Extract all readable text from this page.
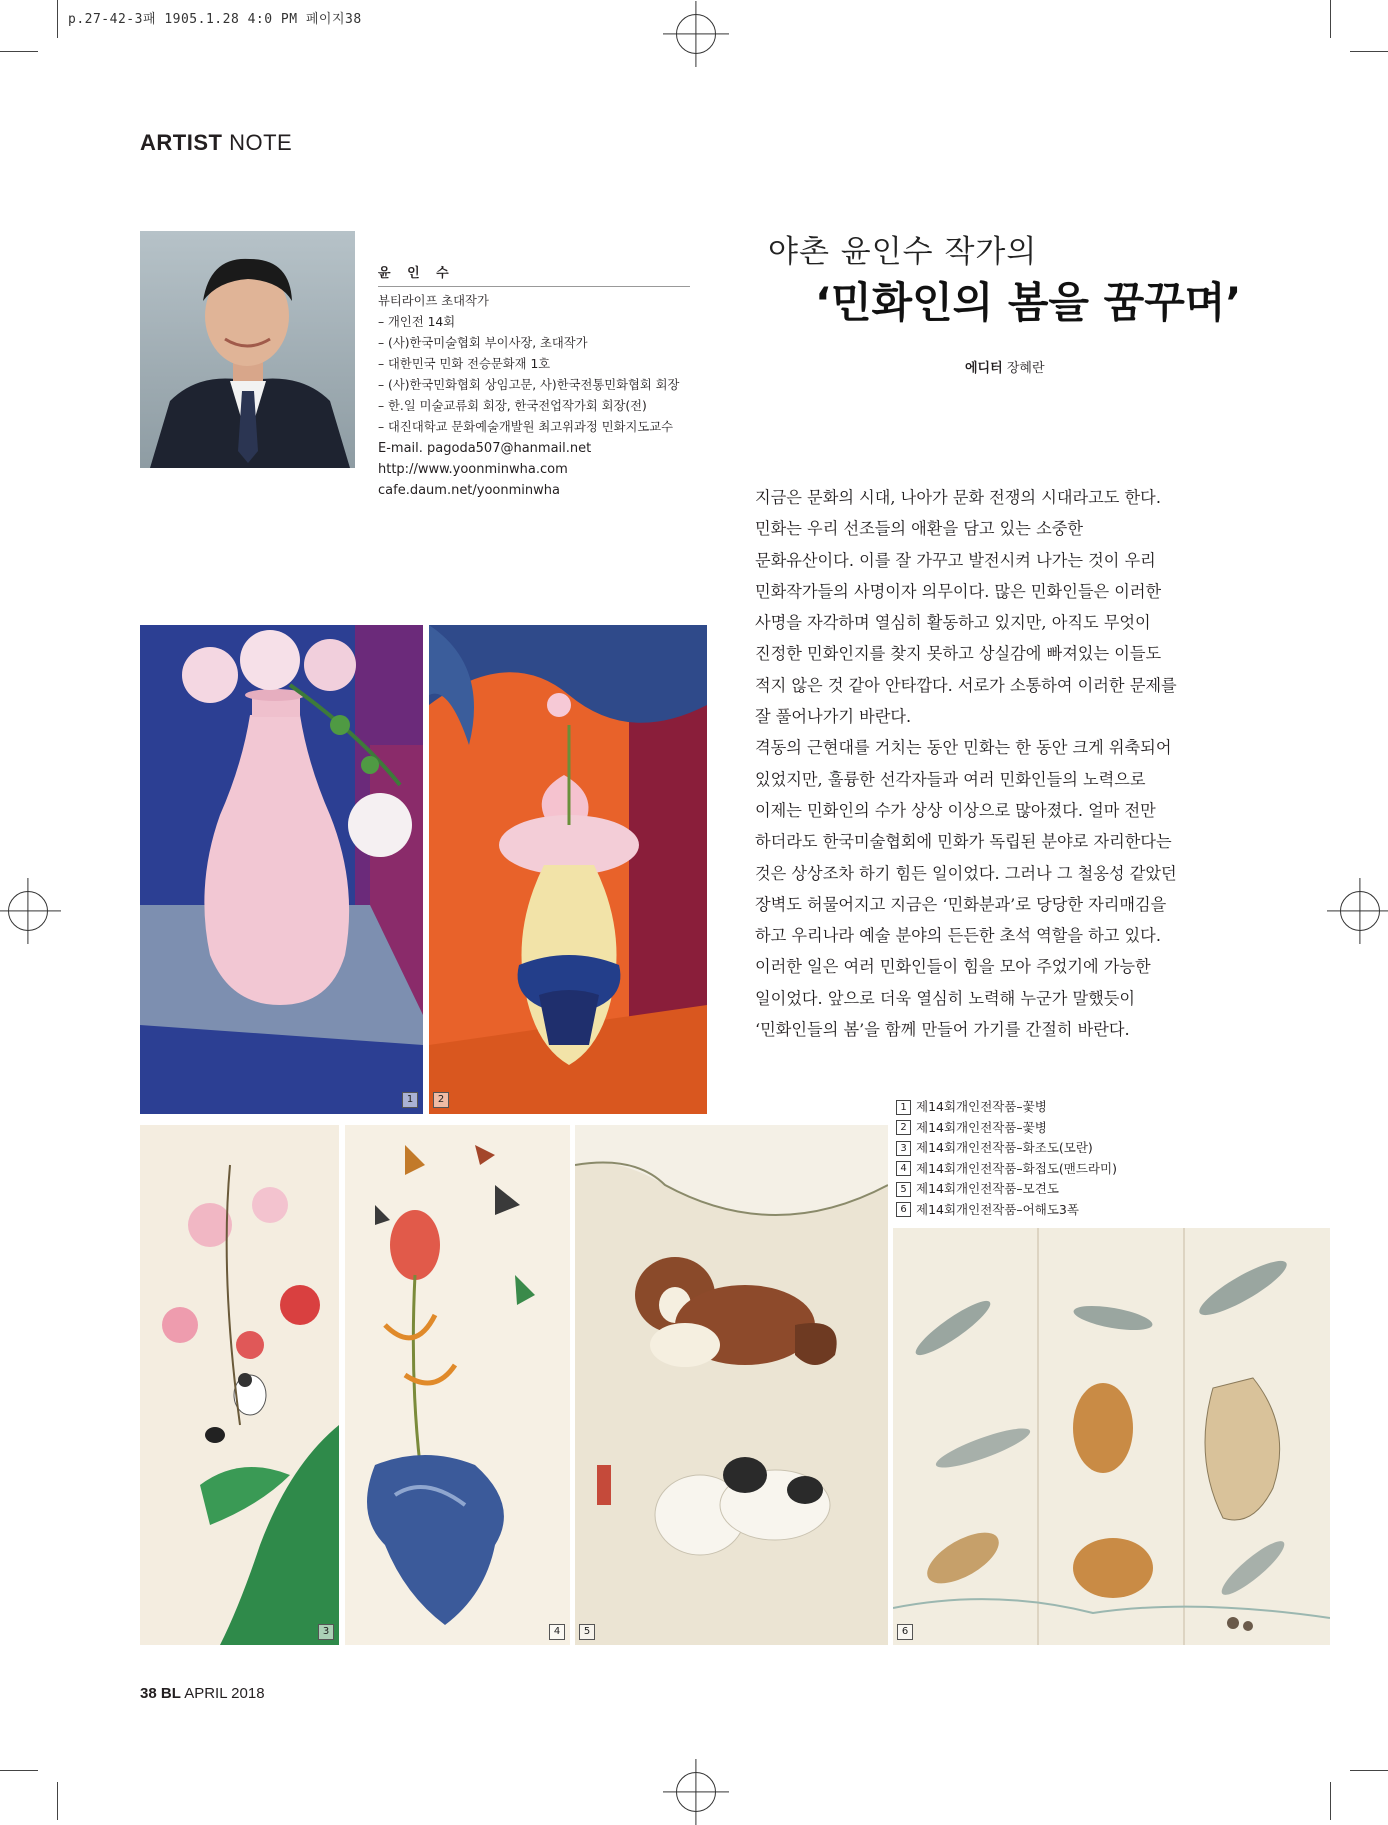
p.27-42-3패 1905.1.28 4:0 PM 페이지38
ARTIST NOTE
윤 인 수
뷰티라이프 초대작가
– 개인전 14회
– (사)한국미술협회 부이사장, 초대작가
– 대한민국 민화 전승문화재 1호
– (사)한국민화협회 상임고문, 사)한국전통민화협회 회장
– 한.일 미술교류회 회장, 한국전업작가회 회장(전)
– 대진대학교 문화예술개발원 최고위과정 민화지도교수
E-mail. pagoda507@hanmail.net
http://www.yoonminwha.com
cafe.daum.net/yoonminwha
야촌 윤인수 작가의
‘민화인의 봄을 꿈꾸며’
에디터 장혜란

지금은 문화의 시대, 나아가 문화 전쟁의 시대라고도 한다.

민화는 우리 선조들의 애환을 담고 있는 소중한

문화유산이다. 이를 잘 가꾸고 발전시켜 나가는 것이 우리

민화작가들의 사명이자 의무이다. 많은 민화인들은 이러한

사명을 자각하며 열심히 활동하고 있지만, 아직도 무엇이

진정한 민화인지를 찾지 못하고 상실감에 빠져있는 이들도

적지 않은 것 같아 안타깝다. 서로가 소통하여 이러한 문제를

잘 풀어나가기 바란다.

격동의 근현대를 거치는 동안 민화는 한 동안 크게 위축되어

있었지만, 훌륭한 선각자들과 여러 민화인들의 노력으로

이제는 민화인의 수가 상상 이상으로 많아졌다. 얼마 전만

하더라도 한국미술협회에 민화가 독립된 분야로 자리한다는

것은 상상조차 하기 힘든 일이었다. 그러나 그 철옹성 같았던

장벽도 허물어지고 지금은 ‘민화분과’로 당당한 자리매김을

하고 우리나라 예술 분야의 든든한 초석 역할을 하고 있다.

이러한 일은 여러 민화인들이 힘을 모아 주었기에 가능한

일이었다. 앞으로 더욱 열심히 노력해 누군가 말했듯이

‘민화인들의 봄’을 함께 만들어 가기를 간절히 바란다.

1	2
1 제14회개인전작품–꽃병
2 제14회개인전작품–꽃병
3 제14회개인전작품–화조도(모란)
4 제14회개인전작품–화접도(맨드라미)
5 제14회개인전작품–모견도
6 제14회개인전작품–어해도3폭
3	4	5	6
38 BL APRIL 2018
